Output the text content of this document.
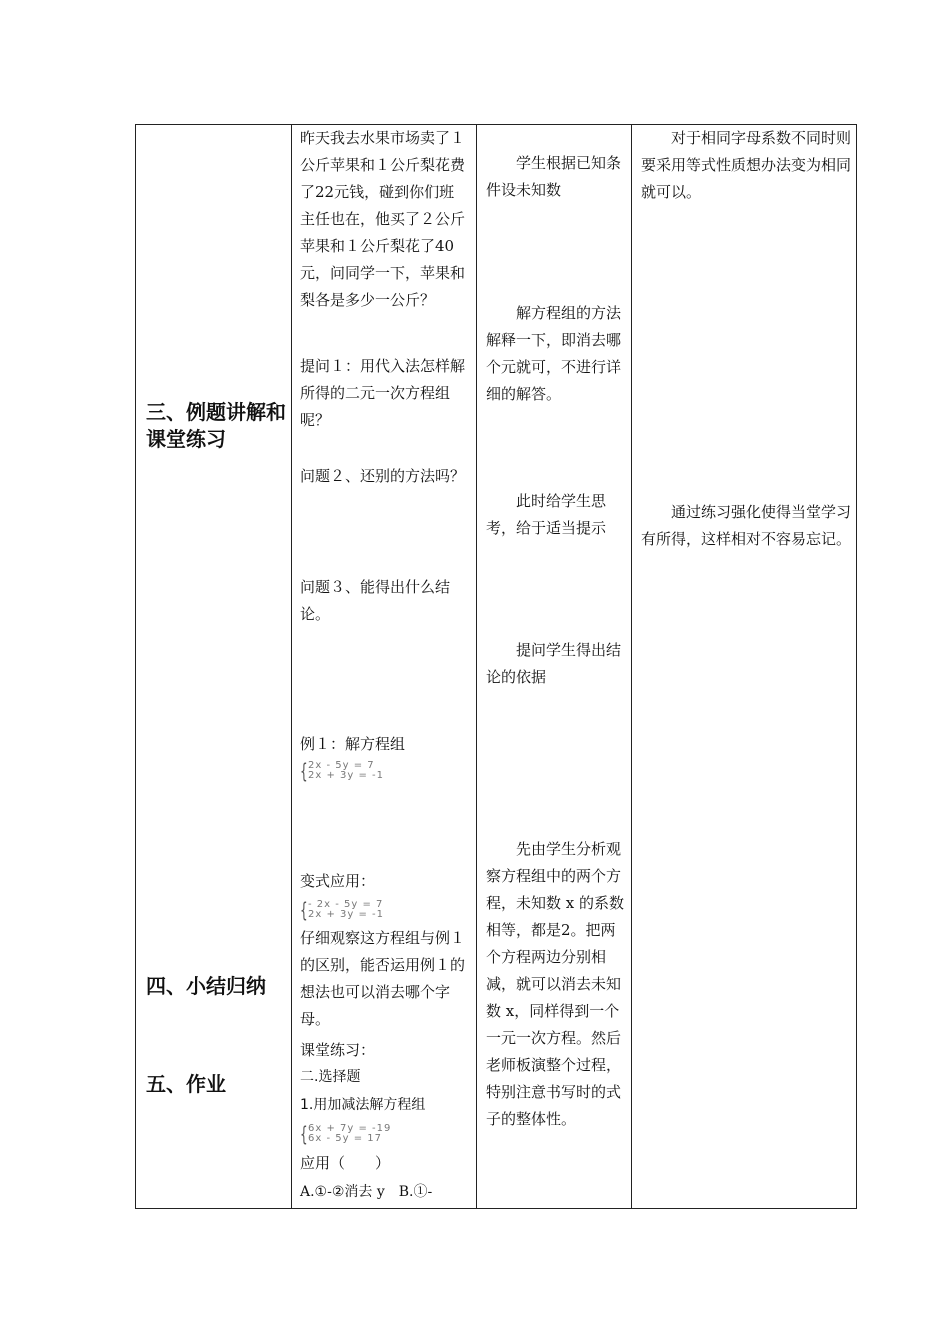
三、例题讲解和课堂练习
四、小结归纳
五、作业

昨天我去水果市场卖了１公斤苹果和１公斤梨花费了22元钱，碰到你们班主任也在，他买了２公斤苹果和１公斤梨花了40元，问同学一下，苹果和梨各是多少一公斤？

提问１：用代入法怎样解所得的二元一次方程组呢？

问题２、还别的方法吗？

问题３、能得出什么结论。

例１：解方程组

{ 2x - 5y = 7
2x + 3y = -1

变式应用：

{ - 2x - 5y = 7
2x + 3y = -1

仔细观察这方程组与例１的区别，能否运用例１的想法也可以消去哪个字母。

课堂练习：

二.选择题

1.用加减法解方程组

{ 6x + 7y = -19
6x - 5y = 17

应用（　　）

A.①-②消去 y　B.①-

学生根据已知条件设未知数

解方程组的方法解释一下，即消去哪个元就可，不进行详细的解答。

此时给学生思考，给于适当提示

提问学生得出结论的依据

先由学生分析观察方程组中的两个方程，未知数 x 的系数相等，都是2。把两个方程两边分别相减，就可以消去未知数 x，同样得到一个一元一次方程。然后老师板演整个过程，特别注意书写时的式子的整体性。

对于相同字母系数不同时则要采用等式性质想办法变为相同就可以。

通过练习强化使得当堂学习有所得，这样相对不容易忘记。
